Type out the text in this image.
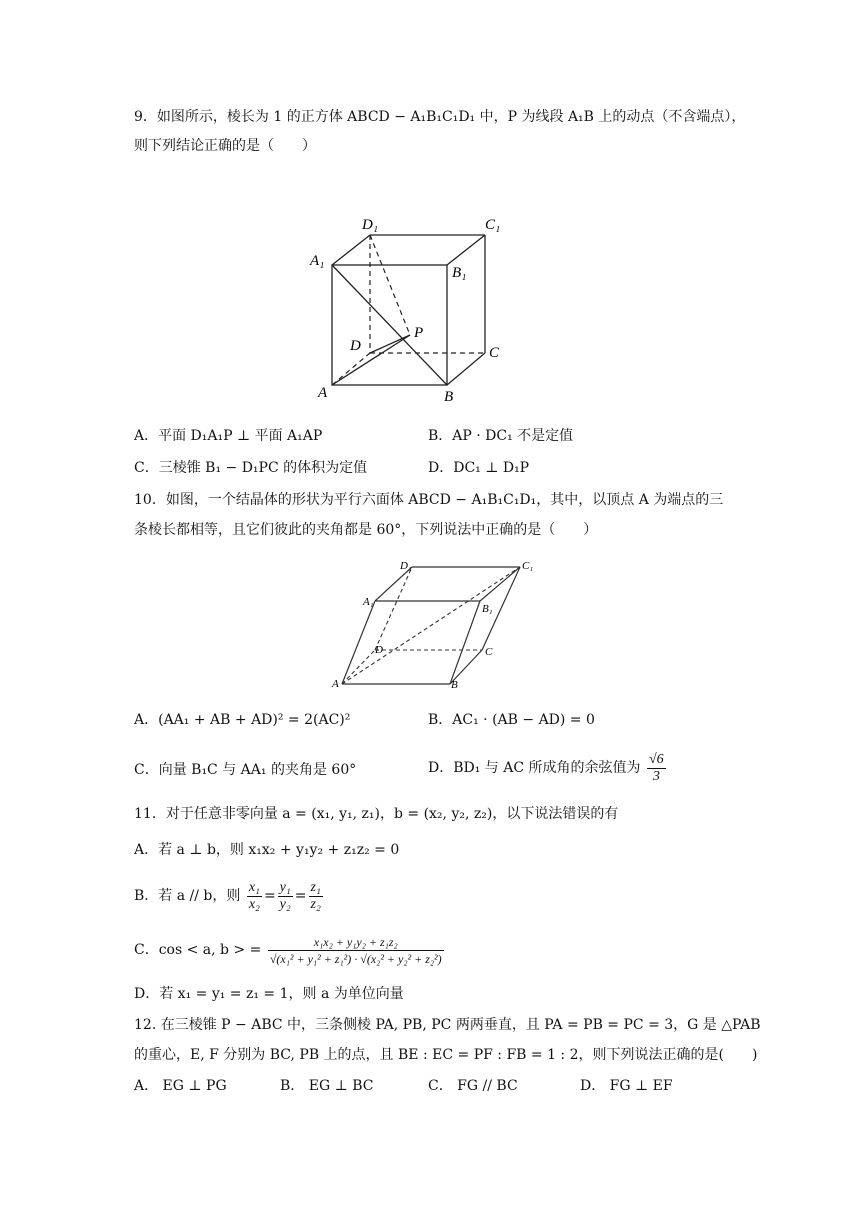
9．如图所示，棱长为 1 的正方体 ABCD − A₁B₁C₁D₁ 中，P 为线段 A₁B 上的动点（不含端点），
则下列结论正确的是（　　）
D₁	C₁
A₁
B₁
P
D	C
A	B
A．平面 D₁A₁P ⊥ 平面 A₁AP	B．AP · DC₁ 不是定值
C．三棱锥 B₁ − D₁PC 的体积为定值	D．DC₁ ⊥ D₁P
10．如图，一个结晶体的形状为平行六面体 ABCD − A₁B₁C₁D₁，其中，以顶点 A 为端点的三
条棱长都相等，且它们彼此的夹角都是 60°，下列说法中正确的是（　　）
D₁	C₁
A₁
B₁
D	C
A	B
A．(AA₁ + AB + AD)² = 2(AC)²	B．AC₁ · (AB − AD) = 0
C．向量 B₁C 与 AA₁ 的夹角是 60°	D．BD₁ 与 AC 所成角的余弦值为 $\frac{√6}{3}$
11．对于任意非零向量 a = (x₁, y₁, z₁)，b = (x₂, y₂, z₂)，以下说法错误的有
A．若 a ⊥ b，则 x₁x₂ + y₁y₂ + z₁z₂ = 0
B．若 a // b，则 $\frac{\text{x₁}}{\text{x₂}} = \frac{\text{y₁}}{\text{y₂}} = \frac{\text{z₁}}{\text{z₂}}$
C．cos < a, b > = $\frac{\text{x₁x₂ + y₁y₂ + z₁z₂}}{\text{√(x₁² + y₁² + z₁²) · √(x₂² + y₂² + z₂²)}}$
D．若 x₁ = y₁ = z₁ = 1，则 a 为单位向量
12. 在三棱锥 P − ABC 中，三条侧棱 PA, PB, PC 两两垂直，且 PA = PB = PC = 3，G 是 △PAB
的重心，E, F 分别为 BC, PB 上的点，且 BE : EC = PF : FB = 1 : 2，则下列说法正确的是(　　)
A． EG ⊥ PG	B． EG ⊥ BC	C． FG // BC	D． FG ⊥ EF
